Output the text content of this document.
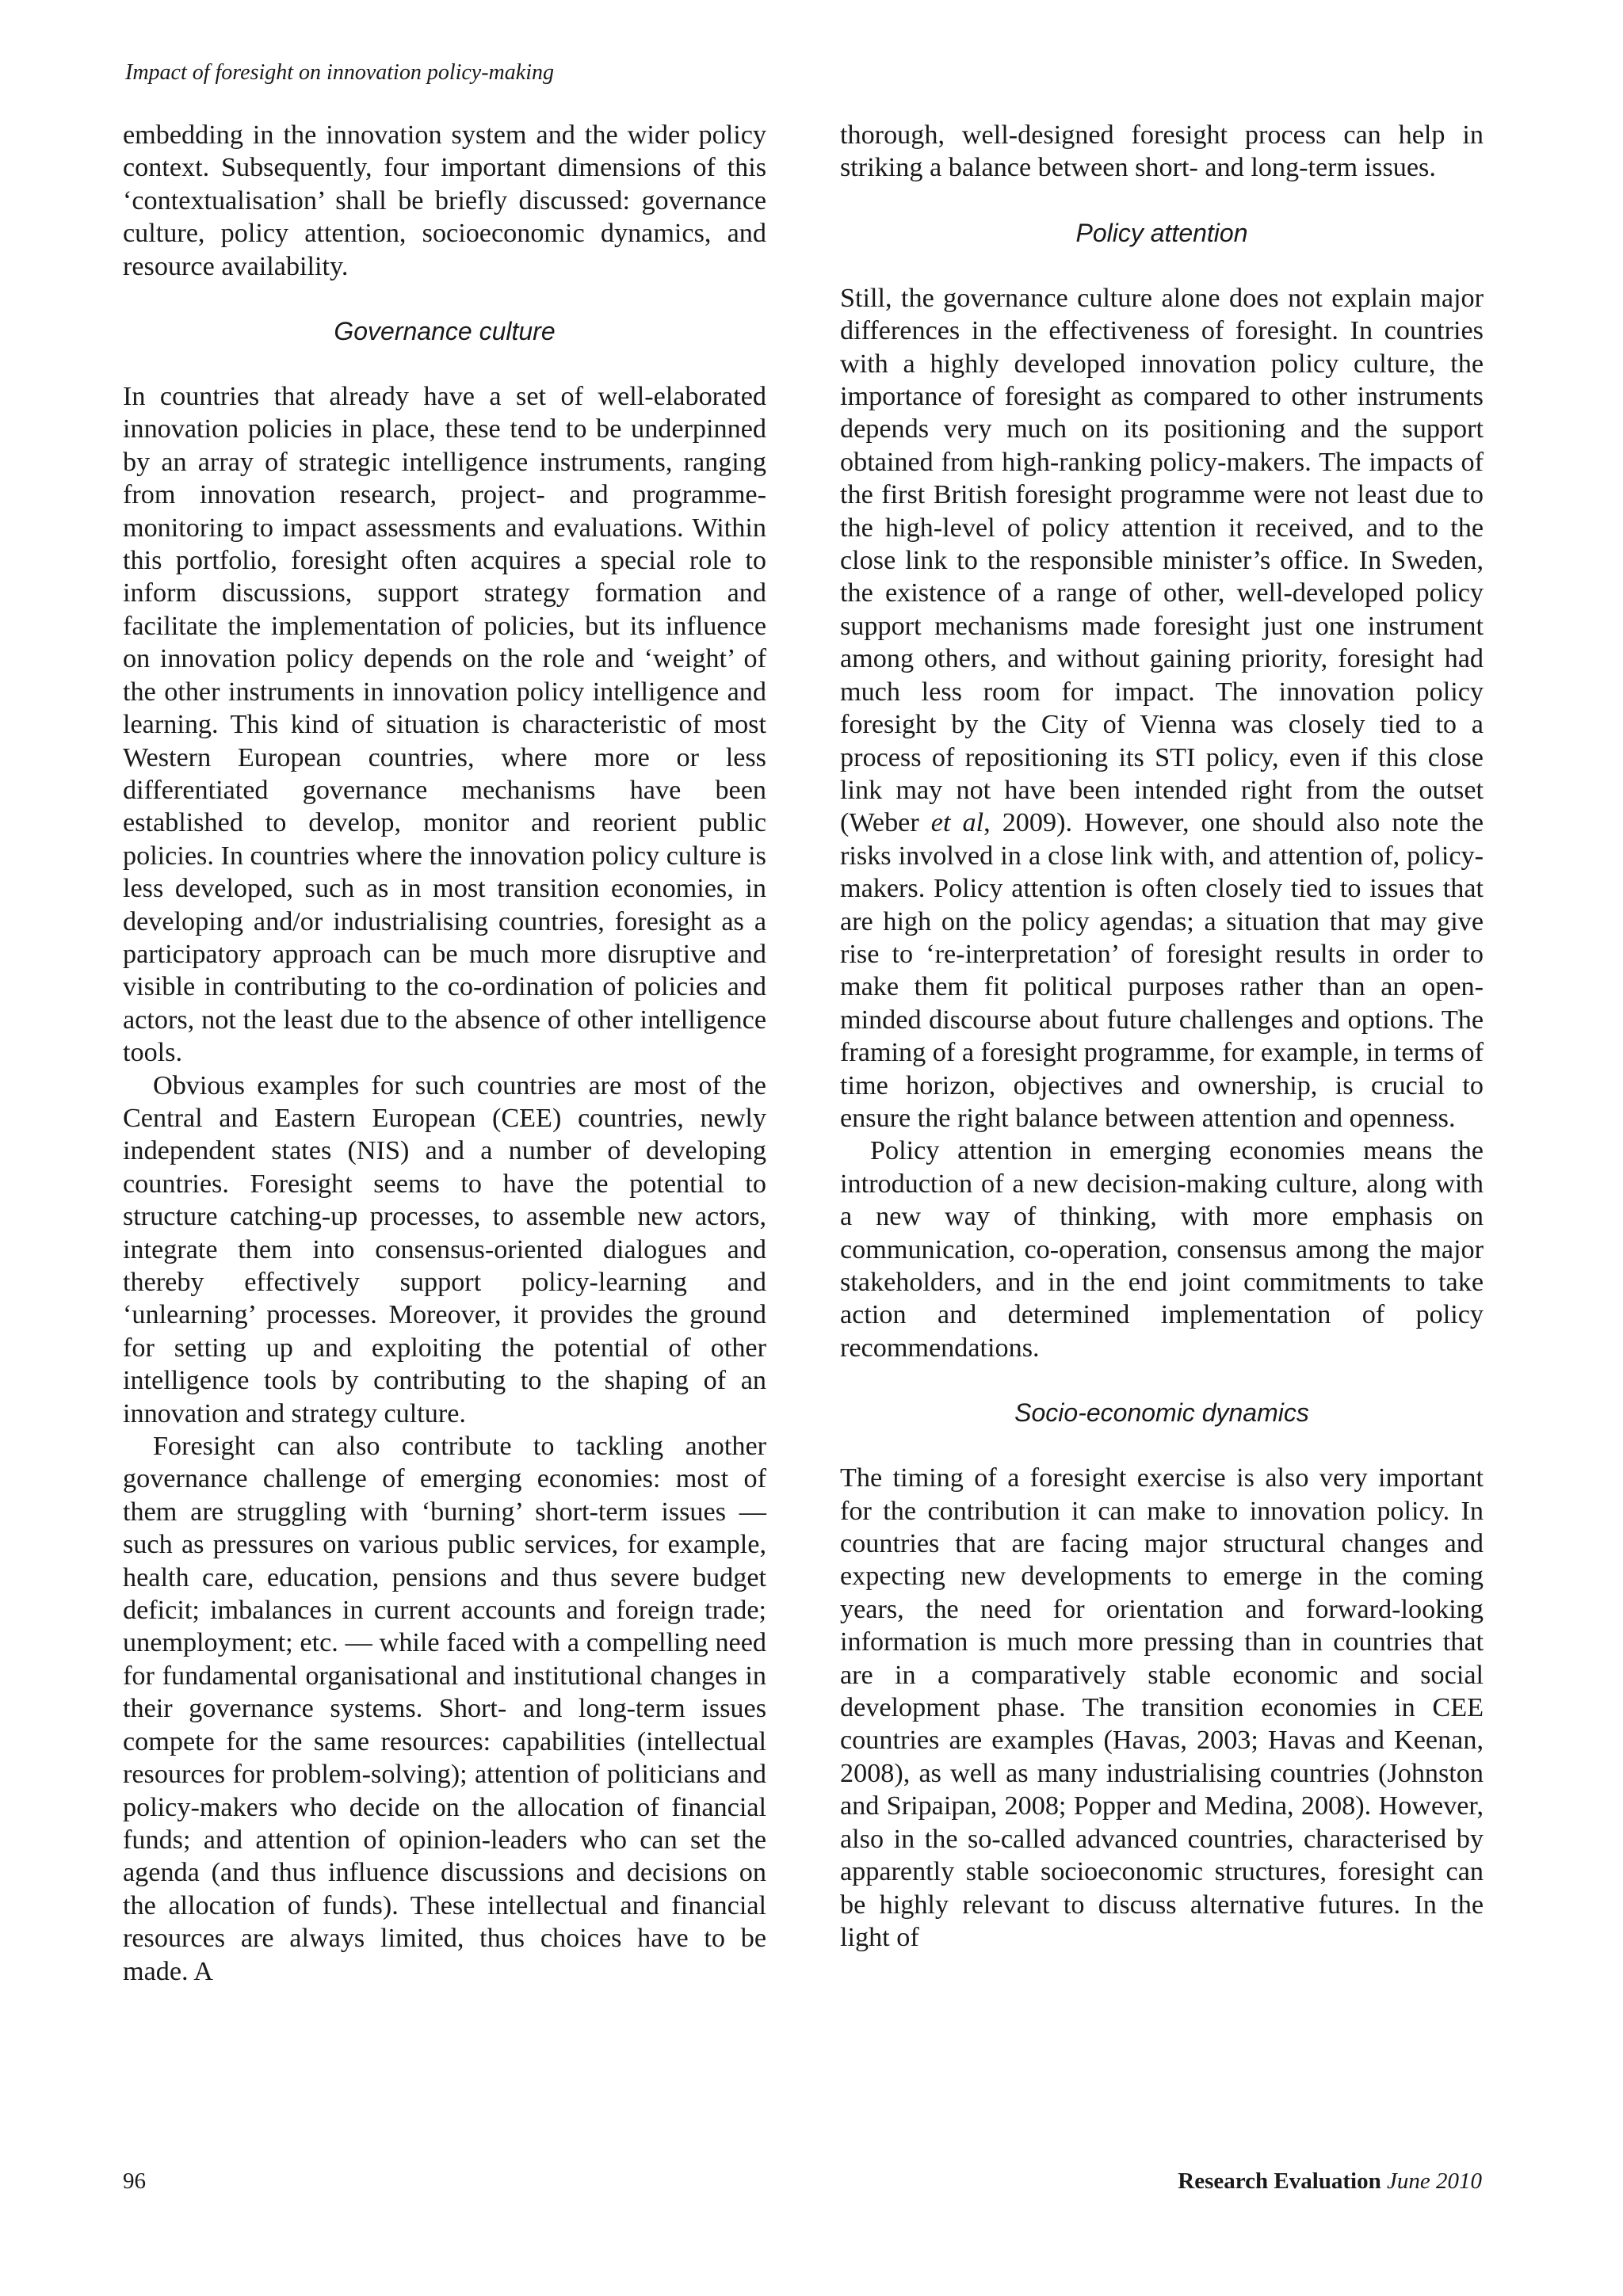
Impact of foresight on innovation policy-making

embedding in the innovation system and the wider policy context. Subsequently, four important dimensions of this ‘contextualisation’ shall be briefly discussed: governance culture, policy attention, socioeconomic dynamics, and resource availability.

Governance culture

In countries that already have a set of well-elaborated innovation policies in place, these tend to be underpinned by an array of strategic intelligence instruments, ranging from innovation research, project- and programme-monitoring to impact assessments and evaluations. Within this portfolio, foresight often acquires a special role to inform discussions, support strategy formation and facilitate the implementation of policies, but its influence on innovation policy depends on the role and ‘weight’ of the other instruments in innovation policy intelligence and learning. This kind of situation is characteristic of most Western European countries, where more or less differentiated governance mechanisms have been established to develop, monitor and reorient public policies. In countries where the innovation policy culture is less developed, such as in most transition economies, in developing and/or industrialising countries, foresight as a participatory approach can be much more disruptive and visible in contributing to the co-ordination of policies and actors, not the least due to the absence of other intelligence tools.

Obvious examples for such countries are most of the Central and Eastern European (CEE) countries, newly independent states (NIS) and a number of developing countries. Foresight seems to have the potential to structure catching-up processes, to assemble new actors, integrate them into consensus-oriented dialogues and thereby effectively support policy-learning and ‘unlearning’ processes. Moreover, it provides the ground for setting up and exploiting the potential of other intelligence tools by contributing to the shaping of an innovation and strategy culture.

Foresight can also contribute to tackling another governance challenge of emerging economies: most of them are struggling with ‘burning’ short-term issues — such as pressures on various public services, for example, health care, education, pensions and thus severe budget deficit; imbalances in current accounts and foreign trade; unemployment; etc. — while faced with a compelling need for fundamental organisational and institutional changes in their governance systems. Short- and long-term issues compete for the same resources: capabilities (intellectual resources for problem-solving); attention of politicians and policy-makers who decide on the allocation of financial funds; and attention of opinion-leaders who can set the agenda (and thus influence discussions and decisions on the allocation of funds). These intellectual and financial resources are always limited, thus choices have to be made. A

thorough, well-designed foresight process can help in striking a balance between short- and long-term issues.

Policy attention

Still, the governance culture alone does not explain major differences in the effectiveness of foresight. In countries with a highly developed innovation policy culture, the importance of foresight as compared to other instruments depends very much on its positioning and the support obtained from high-ranking policy-makers. The impacts of the first British foresight programme were not least due to the high-level of policy attention it received, and to the close link to the responsible minister’s office. In Sweden, the existence of a range of other, well-developed policy support mechanisms made foresight just one instrument among others, and without gaining priority, foresight had much less room for impact. The innovation policy foresight by the City of Vienna was closely tied to a process of repositioning its STI policy, even if this close link may not have been intended right from the outset (Weber et al, 2009). However, one should also note the risks involved in a close link with, and attention of, policy-makers. Policy attention is often closely tied to issues that are high on the policy agendas; a situation that may give rise to ‘re-interpretation’ of foresight results in order to make them fit political purposes rather than an open-minded discourse about future challenges and options. The framing of a foresight programme, for example, in terms of time horizon, objectives and ownership, is crucial to ensure the right balance between attention and openness.

Policy attention in emerging economies means the introduction of a new decision-making culture, along with a new way of thinking, with more emphasis on communication, co-operation, consensus among the major stakeholders, and in the end joint commitments to take action and determined implementation of policy recommendations.

Socio-economic dynamics

The timing of a foresight exercise is also very important for the contribution it can make to innovation policy. In countries that are facing major structural changes and expecting new developments to emerge in the coming years, the need for orientation and forward-looking information is much more pressing than in countries that are in a comparatively stable economic and social development phase. The transition economies in CEE countries are examples (Havas, 2003; Havas and Keenan, 2008), as well as many industrialising countries (Johnston and Sripaipan, 2008; Popper and Medina, 2008). However, also in the so-called advanced countries, characterised by apparently stable socioeconomic structures, foresight can be highly relevant to discuss alternative futures. In the light of

96	Research Evaluation June 2010
